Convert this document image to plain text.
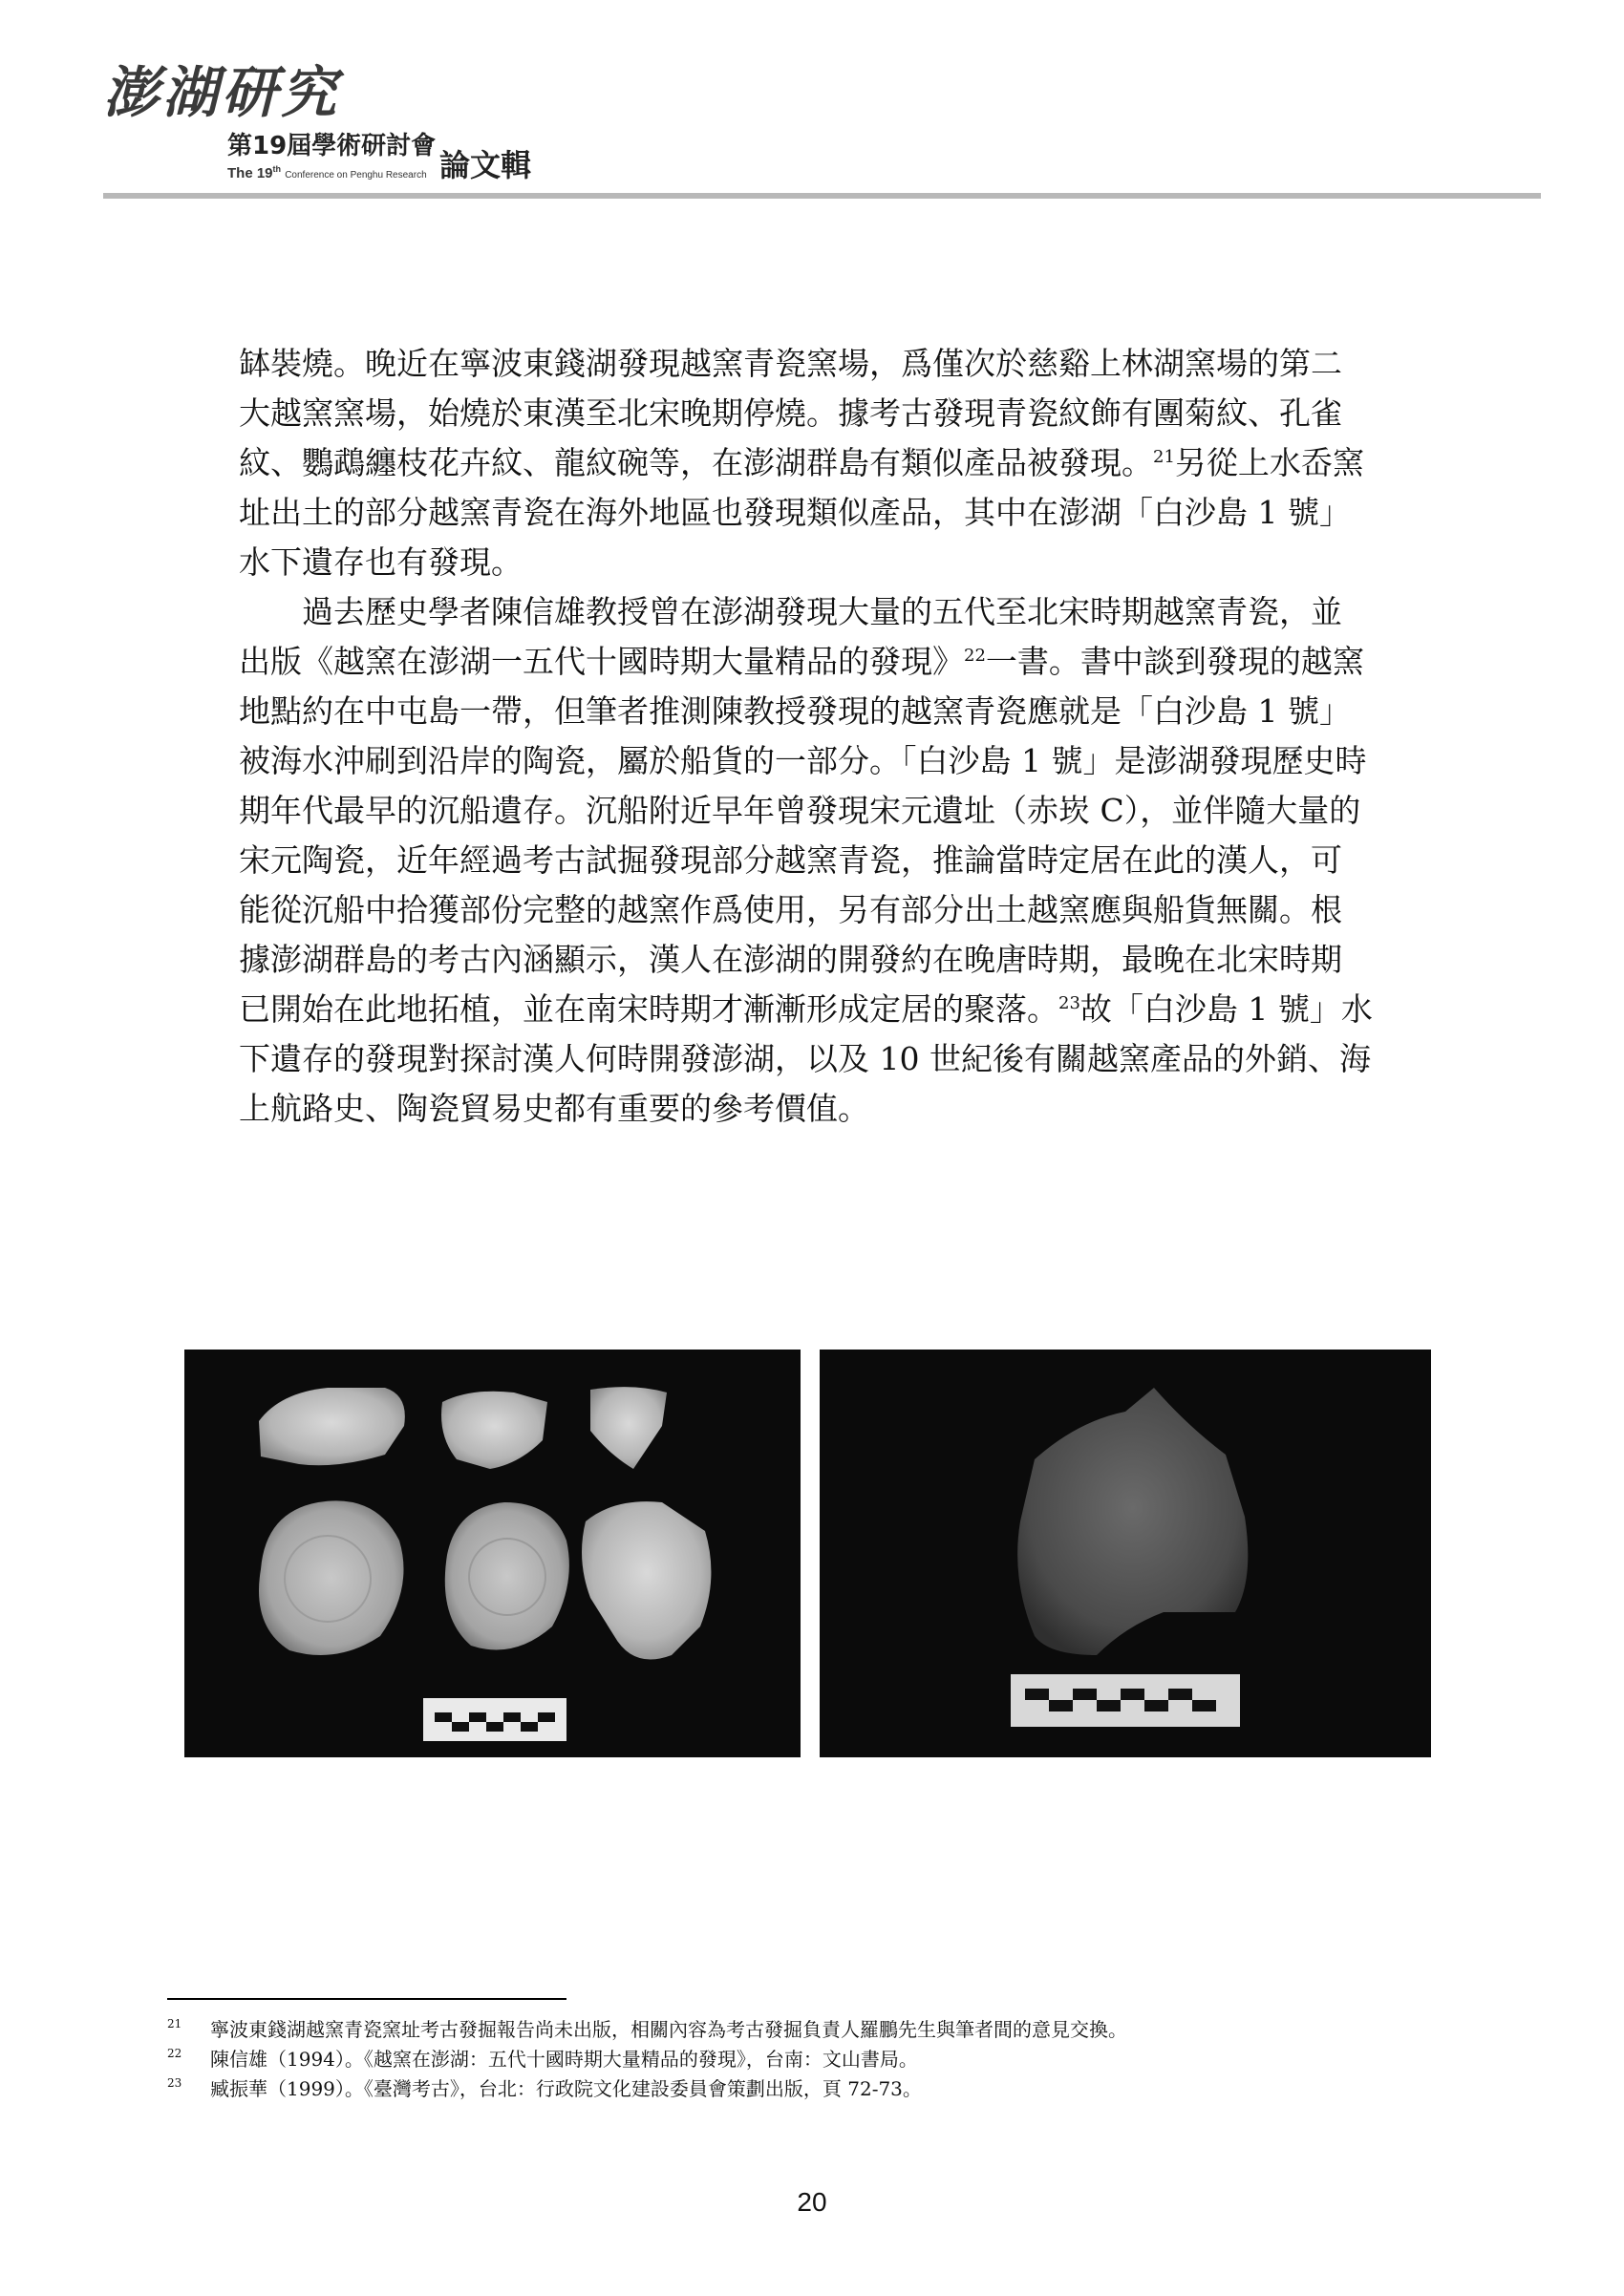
澎湖研究
第19屆學術研討會
The 19th Conference on Penghu Research 論文輯
缽裝燒。晚近在寧波東錢湖發現越窯青瓷窯場，爲僅次於慈谿上林湖窯場的第二
大越窯窯場，始燒於東漢至北宋晚期停燒。據考古發現青瓷紋飾有團菊紋、孔雀
紋、鸚鵡纏枝花卉紋、龍紋碗等，在澎湖群島有類似產品被發現。$^{21}$另從上水岙窯
址出土的部分越窯青瓷在海外地區也發現類似產品，其中在澎湖「白沙島 1 號」
水下遺存也有發現。
過去歷史學者陳信雄教授曾在澎湖發現大量的五代至北宋時期越窯青瓷，並
出版《越窯在澎湖一五代十國時期大量精品的發現》$^{22}$一書。書中談到發現的越窯
地點約在中屯島一帶，但筆者推測陳教授發現的越窯青瓷應就是「白沙島 1 號」
被海水沖刷到沿岸的陶瓷，屬於船貨的一部分。「白沙島 1 號」是澎湖發現歷史時
期年代最早的沉船遺存。沉船附近早年曾發現宋元遺址（赤崁 C），並伴隨大量的
宋元陶瓷，近年經過考古試掘發現部分越窯青瓷，推論當時定居在此的漢人，可
能從沉船中拾獲部份完整的越窯作爲使用，另有部分出土越窯應與船貨無關。根
據澎湖群島的考古內涵顯示，漢人在澎湖的開發約在晚唐時期，最晚在北宋時期
已開始在此地拓植，並在南宋時期才漸漸形成定居的聚落。$^{23}$故「白沙島 1 號」水
下遺存的發現對探討漢人何時開發澎湖，以及 10 世紀後有關越窯產品的外銷、海
上航路史、陶瓷貿易史都有重要的參考價值。
21 寧波東錢湖越窯青瓷窯址考古發掘報告尚未出版，相關內容為考古發掘負責人羅鵬先生與筆者間的意見交換。
22 陳信雄（1994）。《越窯在澎湖：五代十國時期大量精品的發現》，台南：文山書局。
23 臧振華（1999）。《臺灣考古》，台北：行政院文化建設委員會策劃出版，頁 72-73。
20
